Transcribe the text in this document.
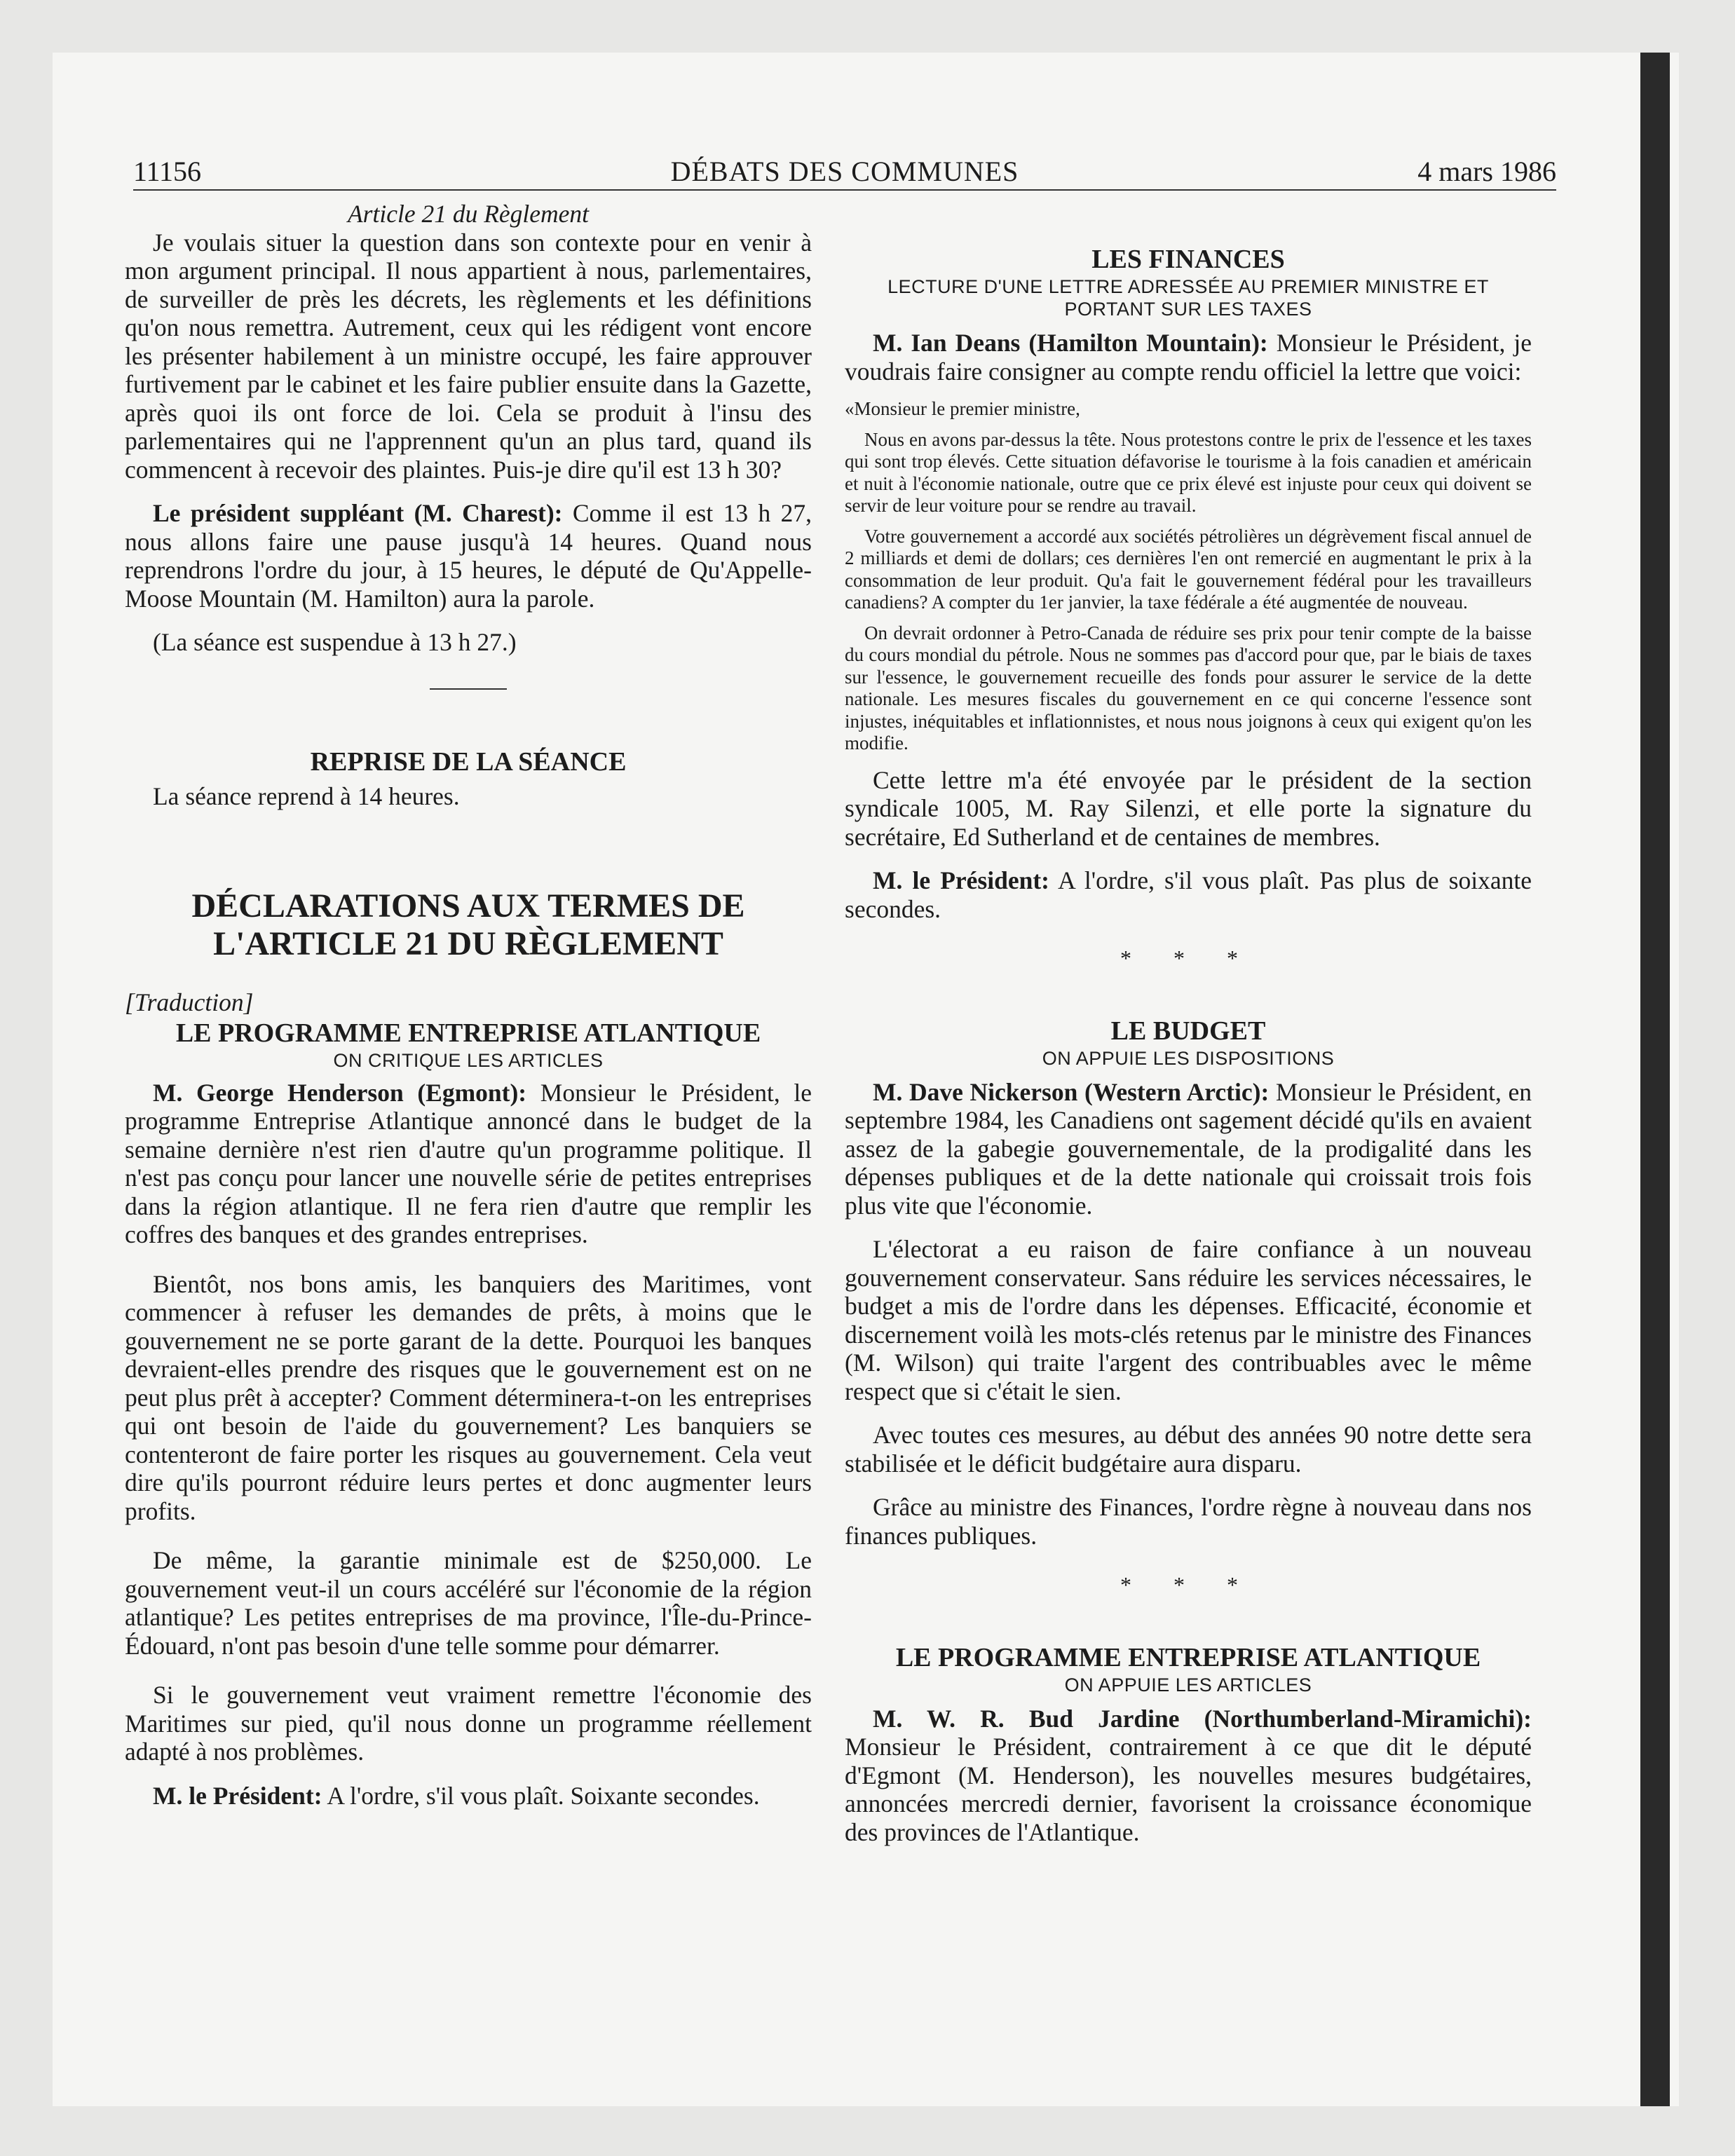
11156	DÉBATS DES COMMUNES	4 mars 1986

Article 21 du Règlement

Je voulais situer la question dans son contexte pour en venir à mon argument principal. Il nous appartient à nous, parlementaires, de surveiller de près les décrets, les règlements et les définitions qu'on nous remettra. Autrement, ceux qui les rédigent vont encore les présenter habilement à un ministre occupé, les faire approuver furtivement par le cabinet et les faire publier ensuite dans la Gazette, après quoi ils ont force de loi. Cela se produit à l'insu des parlementaires qui ne l'apprennent qu'un an plus tard, quand ils commencent à recevoir des plaintes. Puis-je dire qu'il est 13 h 30?

Le président suppléant (M. Charest): Comme il est 13 h 27, nous allons faire une pause jusqu'à 14 heures. Quand nous reprendrons l'ordre du jour, à 15 heures, le député de Qu'Appelle-Moose Mountain (M. Hamilton) aura la parole.

(La séance est suspendue à 13 h 27.)

REPRISE DE LA SÉANCE

La séance reprend à 14 heures.

DÉCLARATIONS AUX TERMES DE
L'ARTICLE 21 DU RÈGLEMENT

[Traduction]

LE PROGRAMME ENTREPRISE ATLANTIQUE
ON CRITIQUE LES ARTICLES

M. George Henderson (Egmont): Monsieur le Président, le programme Entreprise Atlantique annoncé dans le budget de la semaine dernière n'est rien d'autre qu'un programme politique. Il n'est pas conçu pour lancer une nouvelle série de petites entreprises dans la région atlantique. Il ne fera rien d'autre que remplir les coffres des banques et des grandes entreprises.

Bientôt, nos bons amis, les banquiers des Maritimes, vont commencer à refuser les demandes de prêts, à moins que le gouvernement ne se porte garant de la dette. Pourquoi les banques devraient-elles prendre des risques que le gouvernement est on ne peut plus prêt à accepter? Comment déterminera-t-on les entreprises qui ont besoin de l'aide du gouvernement? Les banquiers se contenteront de faire porter les risques au gouvernement. Cela veut dire qu'ils pourront réduire leurs pertes et donc augmenter leurs profits.

De même, la garantie minimale est de $250,000. Le gouvernement veut-il un cours accéléré sur l'économie de la région atlantique? Les petites entreprises de ma province, l'Île-du-Prince-Édouard, n'ont pas besoin d'une telle somme pour démarrer.

Si le gouvernement veut vraiment remettre l'économie des Maritimes sur pied, qu'il nous donne un programme réellement adapté à nos problèmes.

M. le Président: A l'ordre, s'il vous plaît. Soixante secondes.

LES FINANCES
LECTURE D'UNE LETTRE ADRESSÉE AU PREMIER MINISTRE ET PORTANT SUR LES TAXES

M. Ian Deans (Hamilton Mountain): Monsieur le Président, je voudrais faire consigner au compte rendu officiel la lettre que voici:

«Monsieur le premier ministre,

Nous en avons par-dessus la tête. Nous protestons contre le prix de l'essence et les taxes qui sont trop élevés. Cette situation défavorise le tourisme à la fois canadien et américain et nuit à l'économie nationale, outre que ce prix élevé est injuste pour ceux qui doivent se servir de leur voiture pour se rendre au travail.

Votre gouvernement a accordé aux sociétés pétrolières un dégrèvement fiscal annuel de 2 milliards et demi de dollars; ces dernières l'en ont remercié en augmentant le prix à la consommation de leur produit. Qu'a fait le gouvernement fédéral pour les travailleurs canadiens? A compter du 1er janvier, la taxe fédérale a été augmentée de nouveau.

On devrait ordonner à Petro-Canada de réduire ses prix pour tenir compte de la baisse du cours mondial du pétrole. Nous ne sommes pas d'accord pour que, par le biais de taxes sur l'essence, le gouvernement recueille des fonds pour assurer le service de la dette nationale. Les mesures fiscales du gouvernement en ce qui concerne l'essence sont injustes, inéquitables et inflationnistes, et nous nous joignons à ceux qui exigent qu'on les modifie.

Cette lettre m'a été envoyée par le président de la section syndicale 1005, M. Ray Silenzi, et elle porte la signature du secrétaire, Ed Sutherland et de centaines de membres.

M. le Président: A l'ordre, s'il vous plaît. Pas plus de soixante secondes.

* * *
LE BUDGET
ON APPUIE LES DISPOSITIONS

M. Dave Nickerson (Western Arctic): Monsieur le Président, en septembre 1984, les Canadiens ont sagement décidé qu'ils en avaient assez de la gabegie gouvernementale, de la prodigalité dans les dépenses publiques et de la dette nationale qui croissait trois fois plus vite que l'économie.

L'électorat a eu raison de faire confiance à un nouveau gouvernement conservateur. Sans réduire les services nécessaires, le budget a mis de l'ordre dans les dépenses. Efficacité, économie et discernement voilà les mots-clés retenus par le ministre des Finances (M. Wilson) qui traite l'argent des contribuables avec le même respect que si c'était le sien.

Avec toutes ces mesures, au début des années 90 notre dette sera stabilisée et le déficit budgétaire aura disparu.

Grâce au ministre des Finances, l'ordre règne à nouveau dans nos finances publiques.

* * *
LE PROGRAMME ENTREPRISE ATLANTIQUE
ON APPUIE LES ARTICLES

M. W. R. Bud Jardine (Northumberland-Miramichi): Monsieur le Président, contrairement à ce que dit le député d'Egmont (M. Henderson), les nouvelles mesures budgétaires, annoncées mercredi dernier, favorisent la croissance économique des provinces de l'Atlantique.
